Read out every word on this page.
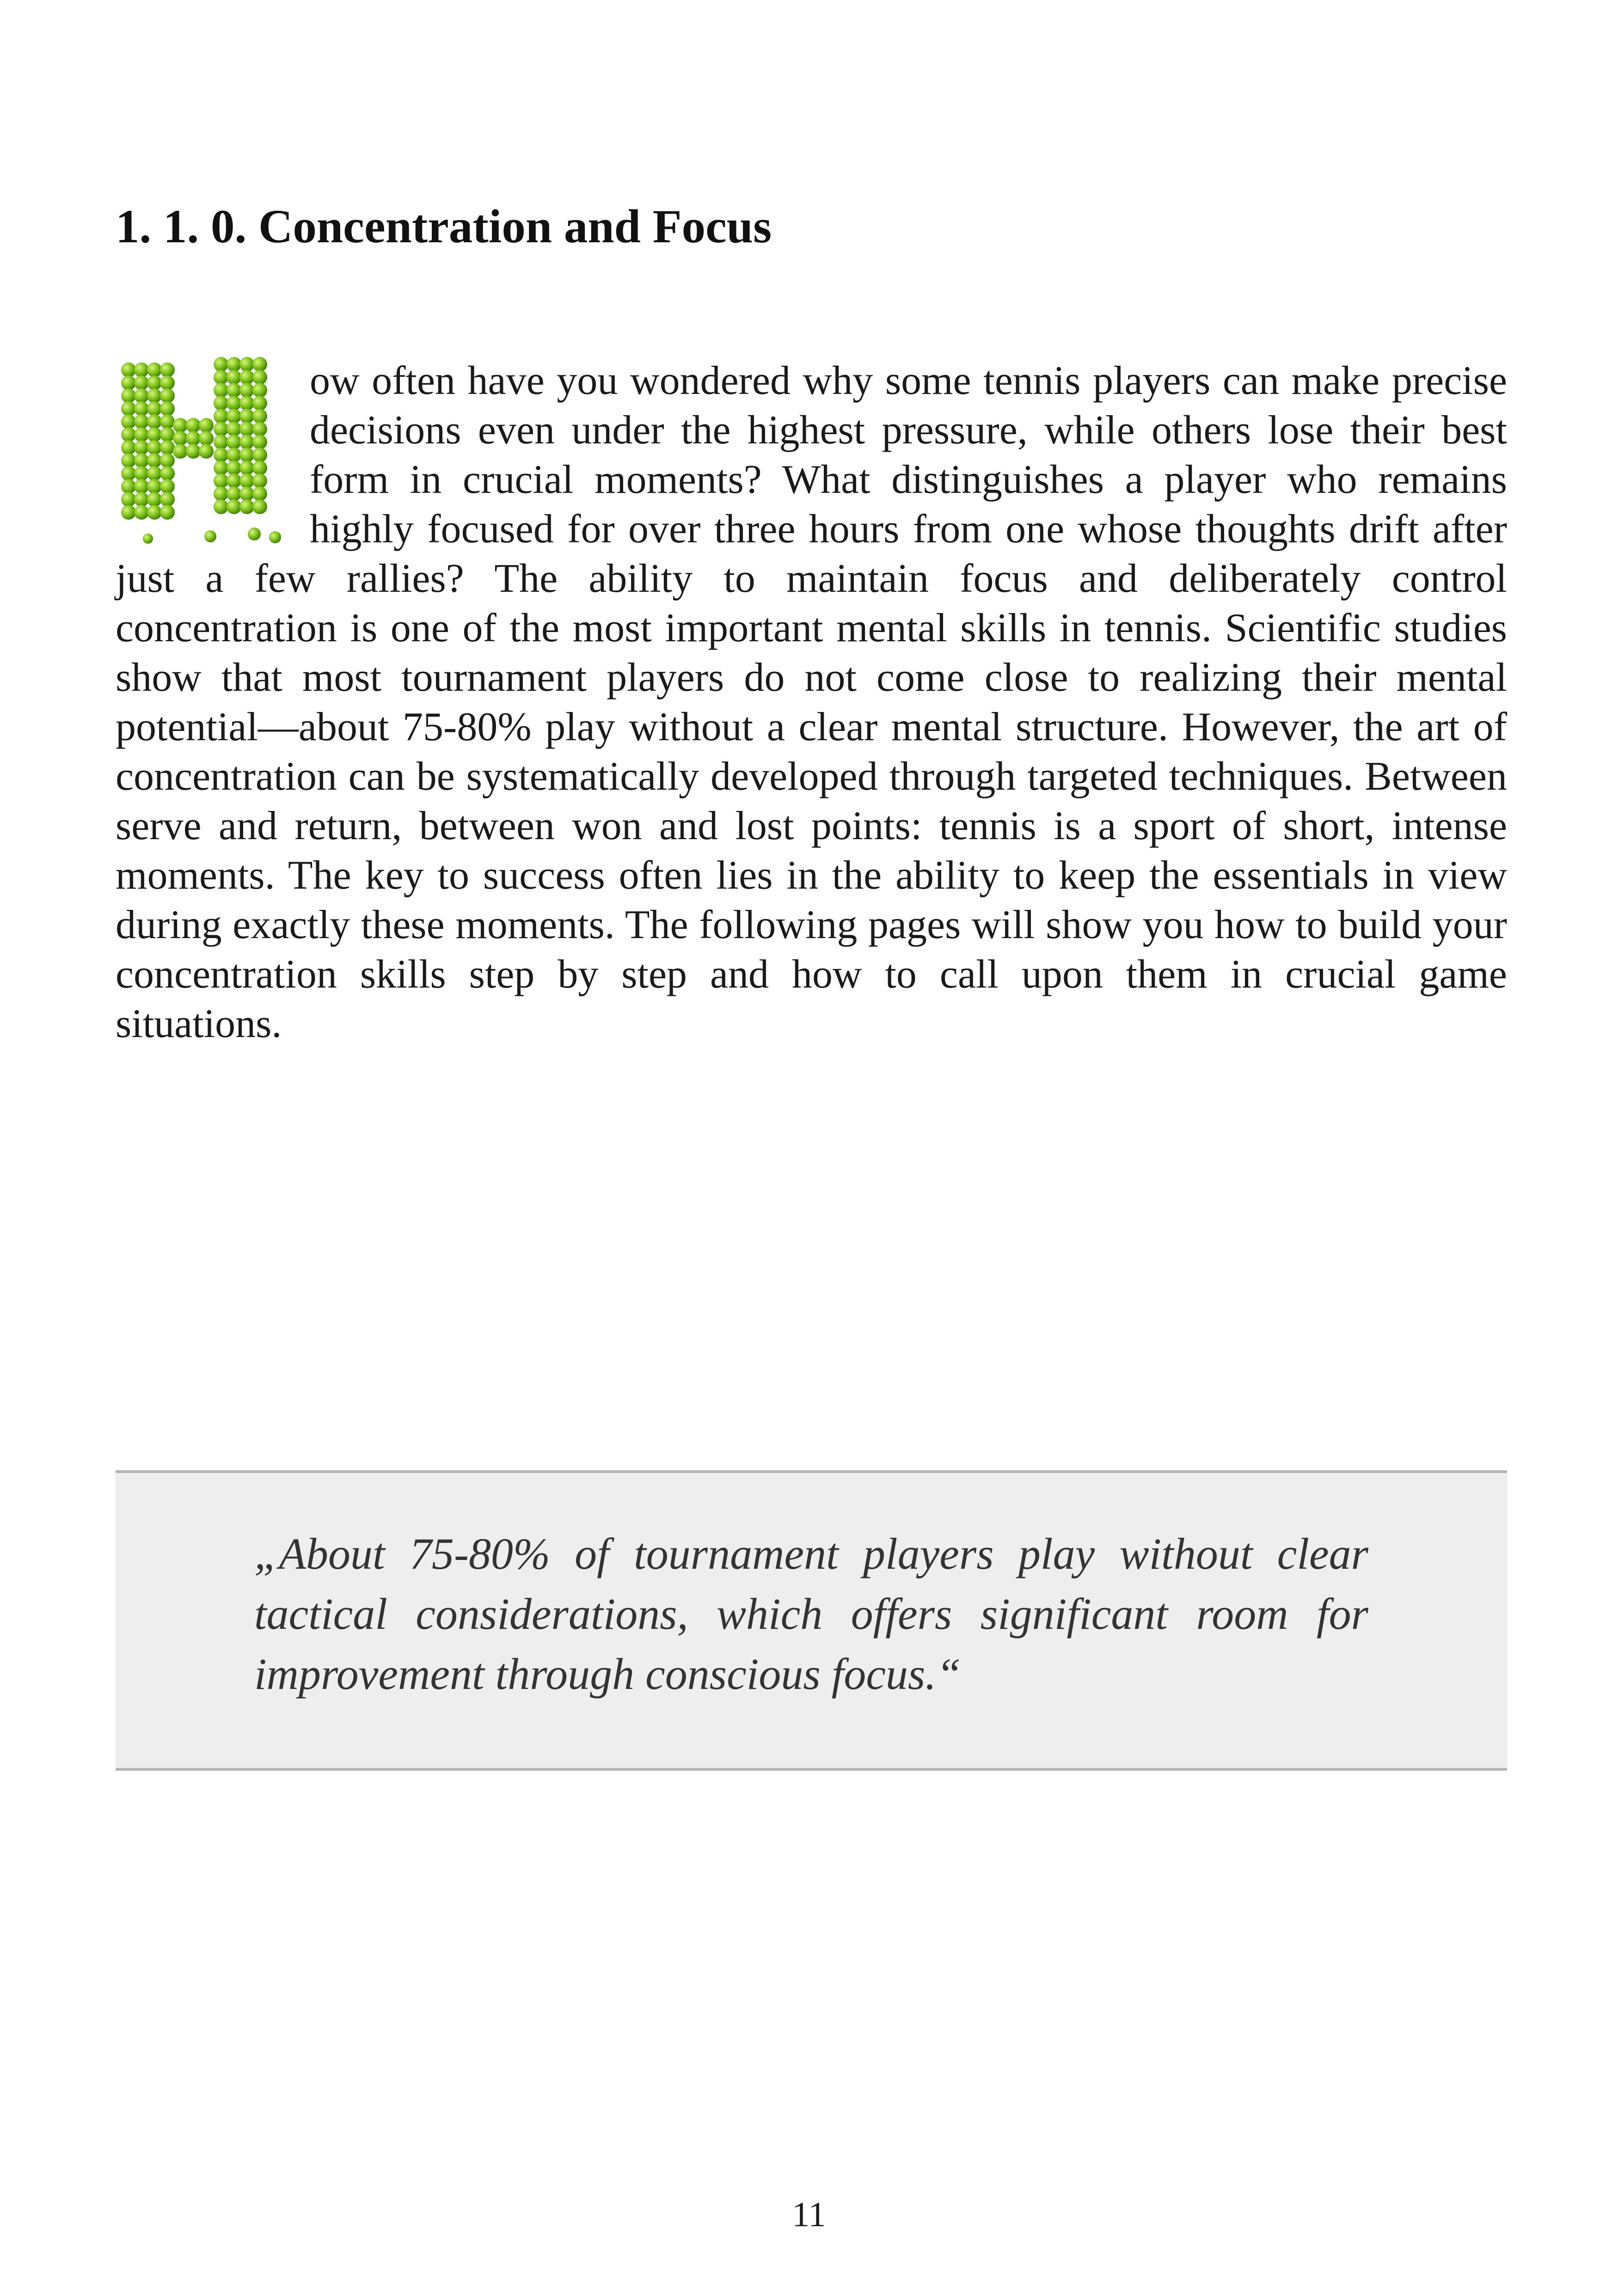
1. 1. 0. Concentration and Focus

ow often have you wondered why some tennis players can make precise decisions even under the highest pressure, while others lose their best form in crucial moments? What distinguishes a player who remains highly focused for over three hours from one whose thoughts drift after just a few rallies? The ability to maintain focus and deliberately control concentration is one of the most important mental skills in tennis. Scientific studies show that most tournament players do not come close to realizing their mental potential—about 75-80% play without a clear mental structure. However, the art of concentration can be systematically developed through targeted techniques. Between serve and return, between won and lost points: tennis is a sport of short, intense moments. The key to success often lies in the ability to keep the essentials in view during exactly these moments. The following pages will show you how to build your concentration skills step by step and how to call upon them in crucial game situations.

„About 75-80% of tournament players play without clear tactical considerations, which offers significant room for improvement through conscious focus.“

11
